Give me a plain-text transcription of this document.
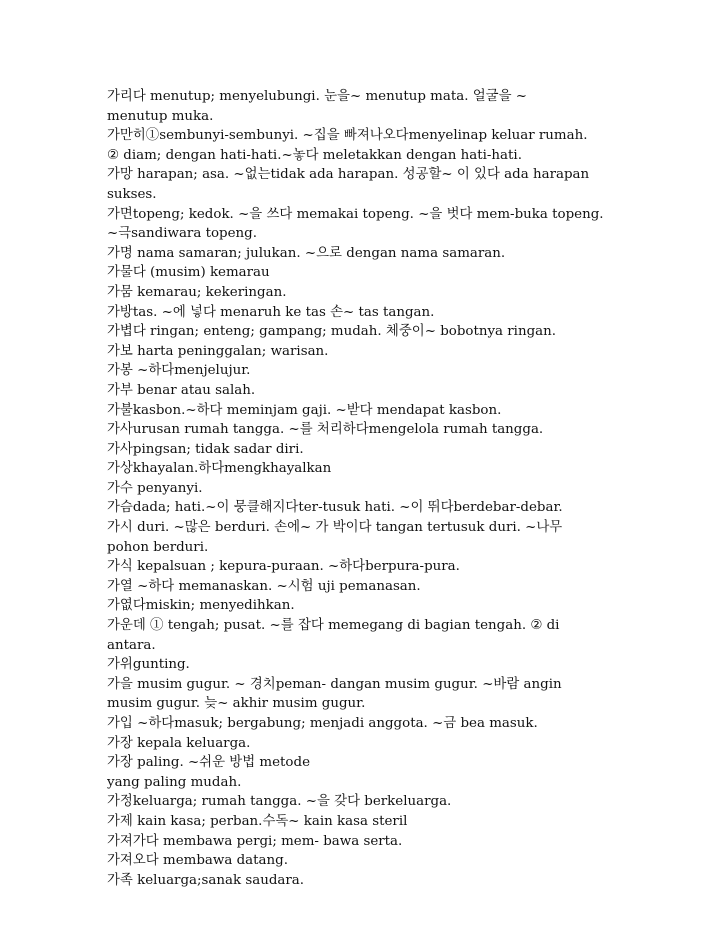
가리다 menutup; menyelubungi. 눈을~ menutup mata. 얼굴을 ~
menutup muka.
가만히①sembunyi-sembunyi. ~집을 빠져나오다menyelinap keluar rumah.
② diam; dengan hati-hati.~놓다 meletakkan dengan hati-hati.
가망 harapan; asa. ~없는tidak ada harapan. 성공할~ 이 있다 ada harapan
sukses.
가면topeng; kedok. ~을 쓰다 memakai topeng. ~을 벗다 mem-buka topeng.
~극sandiwara topeng.
가명 nama samaran; julukan. ~으로 dengan nama samaran.
가물다 (musim) kemarau
가뭄 kemarau; kekeringan.
가방tas. ~에 넣다 menaruh ke tas 손~ tas tangan.
가볍다 ringan; enteng; gampang; mudah. 체중이~ bobotnya ringan.
가보 harta peninggalan; warisan.
가봉 ~하다menjelujur.
가부 benar atau salah.
가불kasbon.~하다 meminjam gaji. ~받다 mendapat kasbon.
가사urusan rumah tangga. ~를 처리하다mengelola rumah tangga.
가사pingsan; tidak sadar diri.
가상khayalan.하다mengkhayalkan
가수 penyanyi.
가슴dada; hati.~이 뭉클해지다ter-tusuk hati. ~이 뛰다berdebar-debar.
가시 duri. ~많은 berduri. 손에~ 가 박이다 tangan tertusuk duri. ~나무
pohon berduri.
가식 kepalsuan ; kepura-puraan. ~하다berpura-pura.
가열 ~하다 memanaskan. ~시험 uji pemanasan.
가엾다miskin; menyedihkan.
가운데 ① tengah; pusat. ~를 잡다 memegang di bagian tengah. ② di
antara.
가위gunting.
가을 musim gugur. ~ 경치peman- dangan musim gugur. ~바람 angin
musim gugur. 늦~ akhir musim gugur.
가입 ~하다masuk; bergabung; menjadi anggota. ~금 bea masuk.
가장 kepala keluarga.
가장 paling. ~쉬운 방법 metode
yang paling mudah.
가정keluarga; rumah tangga. ~을 갖다 berkeluarga.
가제 kain kasa; perban.수독~ kain kasa steril
가져가다 membawa pergi; mem- bawa serta.
가져오다 membawa datang.
가족 keluarga;sanak saudara.
